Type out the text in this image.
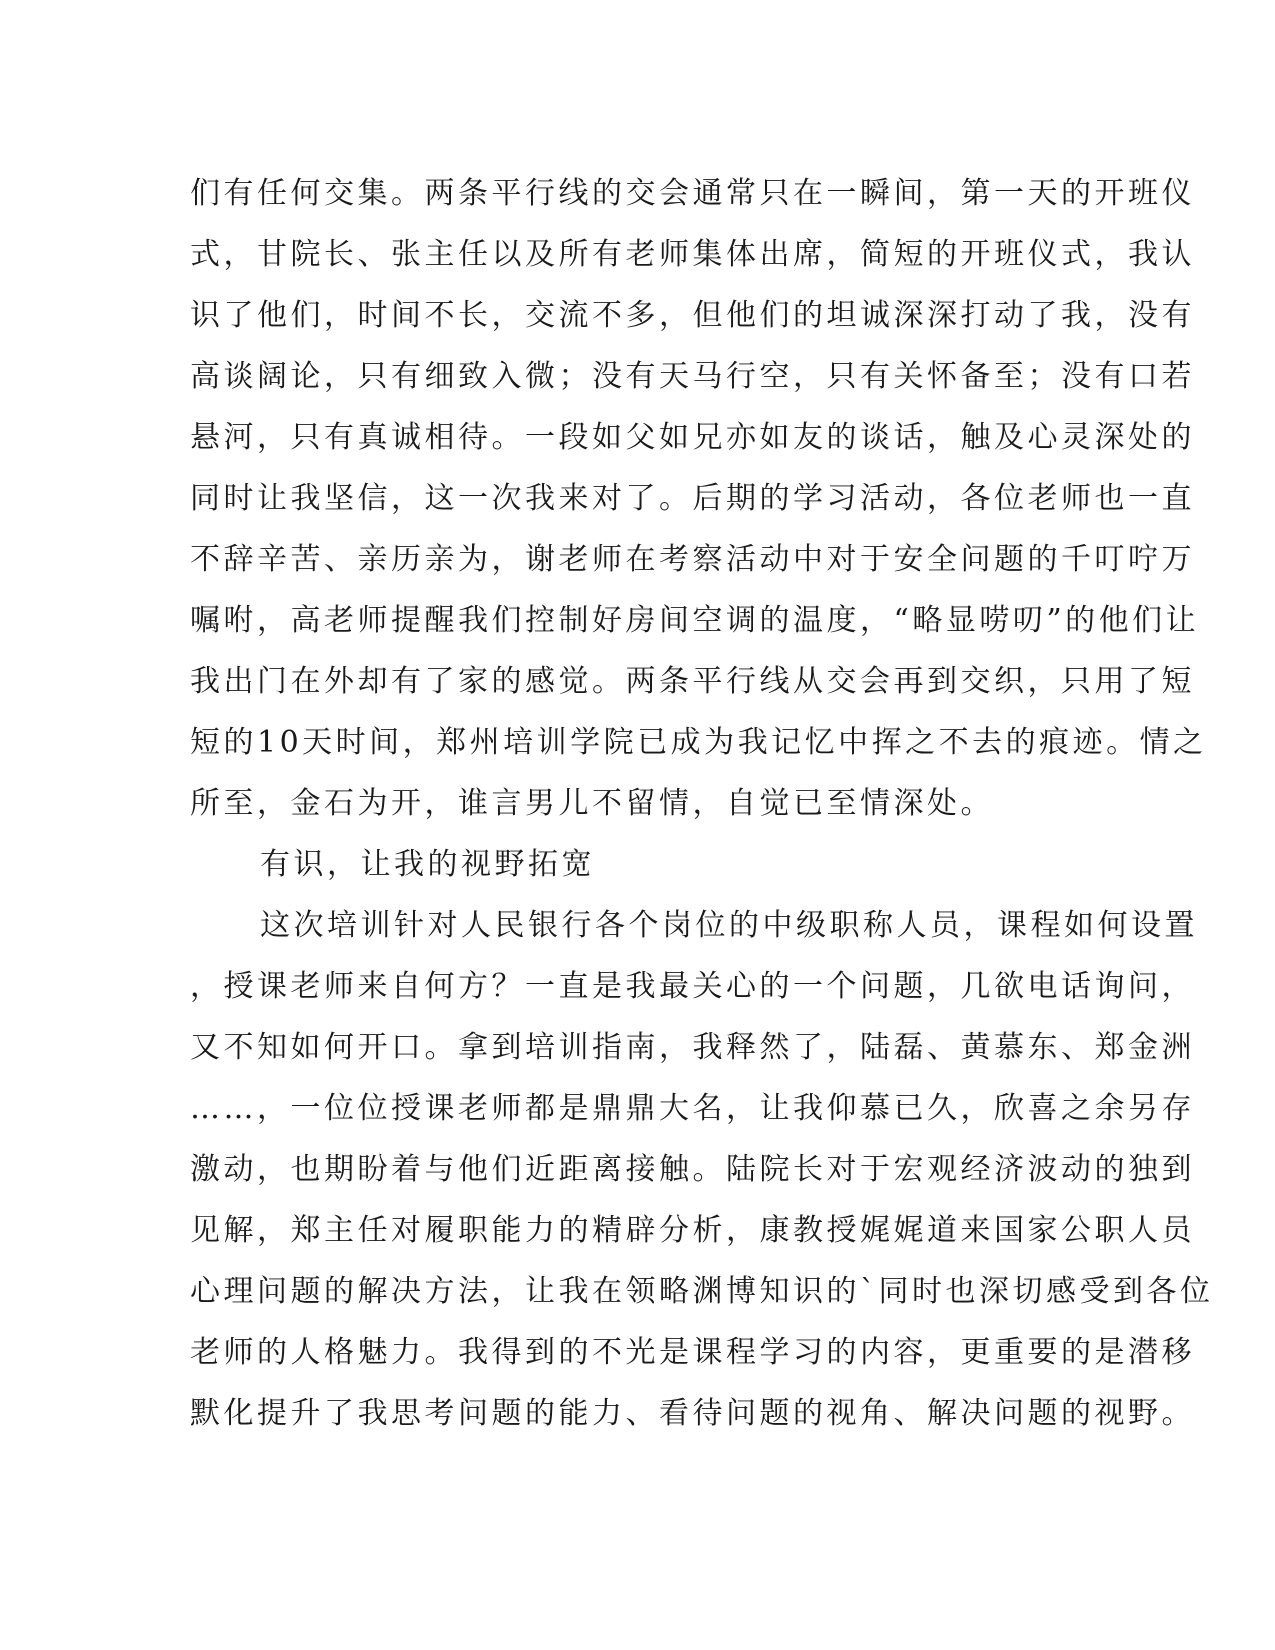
们有任何交集。两条平行线的交会通常只在一瞬间，第一天的开班仪
式，甘院长、张主任以及所有老师集体出席，简短的开班仪式，我认
识了他们，时间不长，交流不多，但他们的坦诚深深打动了我，没有
高谈阔论，只有细致入微；没有天马行空，只有关怀备至；没有口若
悬河，只有真诚相待。一段如父如兄亦如友的谈话，触及心灵深处的
同时让我坚信，这一次我来对了。后期的学习活动，各位老师也一直
不辞辛苦、亲历亲为，谢老师在考察活动中对于安全问题的千叮咛万
嘱咐，高老师提醒我们控制好房间空调的温度，“略显唠叨”的他们让
我出门在外却有了家的感觉。两条平行线从交会再到交织，只用了短
短的10天时间，郑州培训学院已成为我记忆中挥之不去的痕迹。情之
所至，金石为开，谁言男儿不留情，自觉已至情深处。
有识，让我的视野拓宽
这次培训针对人民银行各个岗位的中级职称人员，课程如何设置
，授课老师来自何方？一直是我最关心的一个问题，几欲电话询问，
又不知如何开口。拿到培训指南，我释然了，陆磊、黄慕东、郑金洲
……，一位位授课老师都是鼎鼎大名，让我仰慕已久，欣喜之余另存
激动，也期盼着与他们近距离接触。陆院长对于宏观经济波动的独到
见解，郑主任对履职能力的精辟分析，康教授娓娓道来国家公职人员
心理问题的解决方法，让我在领略渊博知识的`同时也深切感受到各位
老师的人格魅力。我得到的不光是课程学习的内容，更重要的是潜移
默化提升了我思考问题的能力、看待问题的视角、解决问题的视野。
